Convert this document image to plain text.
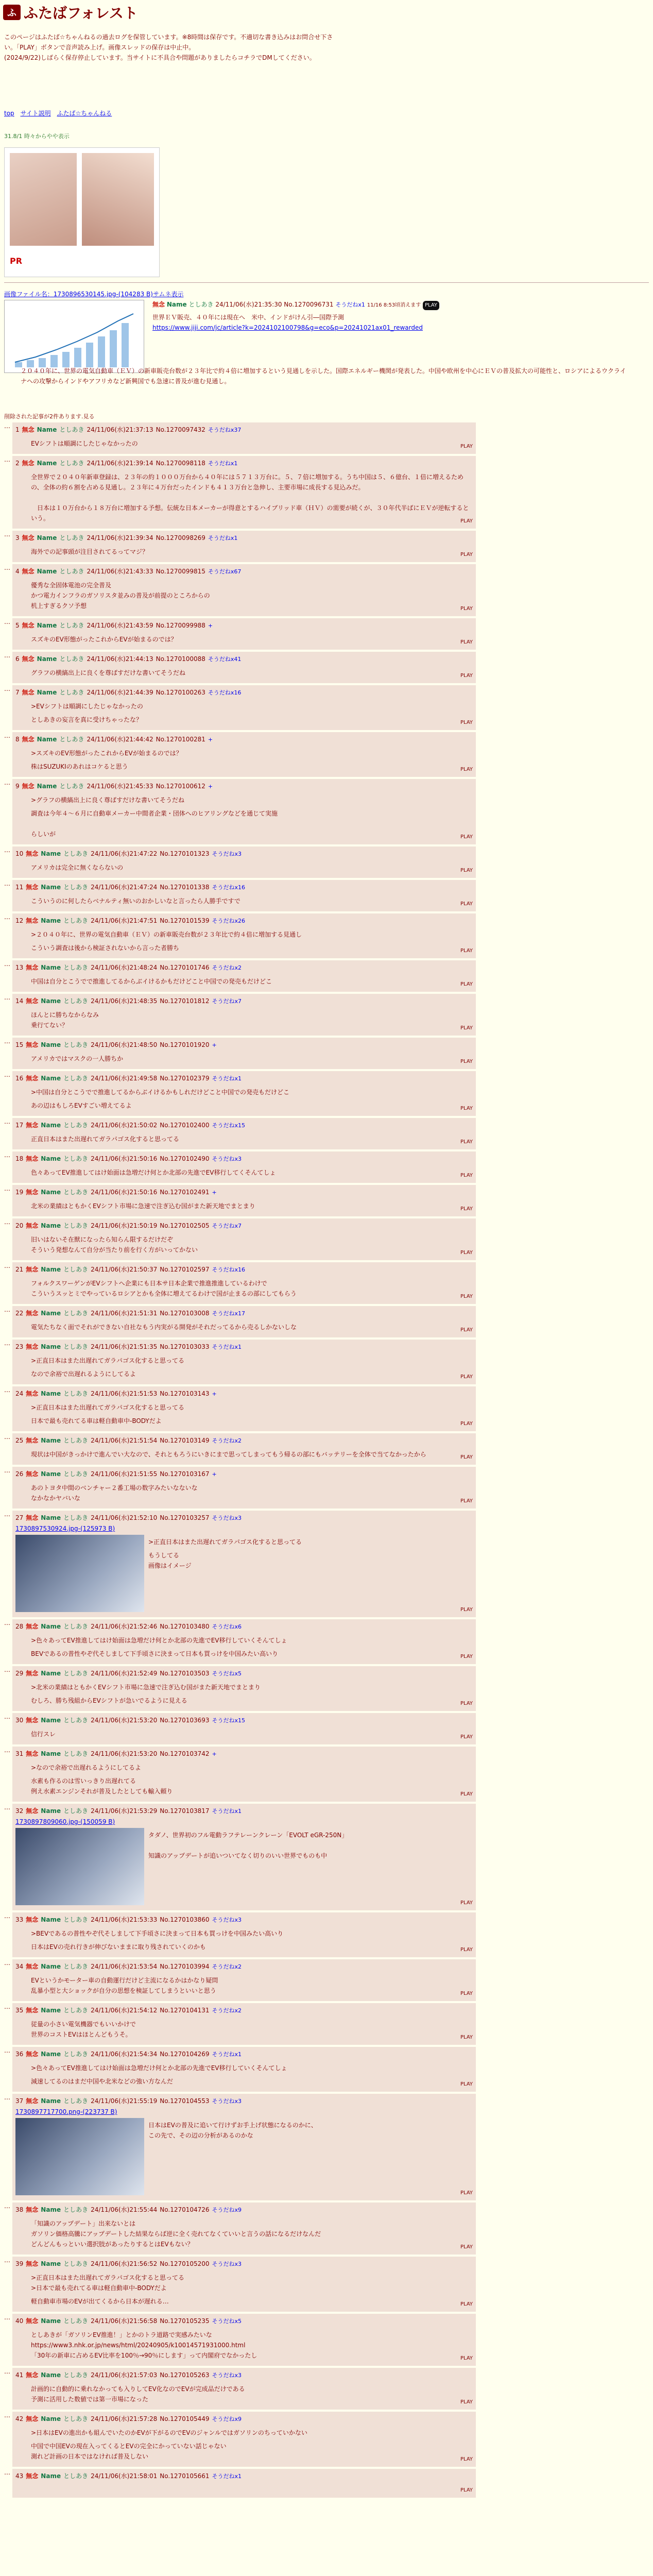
ふ ふたばフォレスト
このページはふたば☆ちゃんねるの過去ログを保管しています。※8時間は保存です。不適切な書き込みはお問合せ下さい。「PLAY」ボタンで音声読み上げ。画像スレッドの保存は中止中。
(2024/9/22)しばらく保存停止しています。当サイトに不具合や問題がありましたらコチラでDMしてください。
top サイト説明 ふたば☆ちゃんねる
31.8/1 時々からやや表示
PR
画像ファイル名：1730896530145.jpg-(104283 B)サムネ表示
無念 Name としあき 24/11/06(水)21:35:30 No.1270096731 そうだねx1 11/16 8:53頃消えます PLAY
世界ＥＶ販売、４０年には現在へ　米中、インドがけん引―国際予測
https://www.jiji.com/jc/article?k=2024102100798&g=eco&p=20241021ax01_rewarded
２０４０年に、世界の電気自動車（ＥＶ）の新車販売台数が２３年比で約４倍に増加するという見通しを示した。国際エネルギー機関が発表した。中国や欧州を中心にＥＶの普及拡大の可能性と、ロシアによるウクライナへの攻撃からインドやアフリカなど新興国でも急速に普及が進む見通し。
削除された記事が2件あります.見る
… 1 無念 Name としあき 24/11/06(水)21:37:13 No.1270097432 そうだねx37
EVシフトは順調にしたじゃなかったの	PLAY
… 2 無念 Name としあき 24/11/06(水)21:39:14 No.1270098118 そうだねx1
全世界で２０４０年新車登録は、２３年の約１０００万台から４０年には５７１３万台に。５、７倍に増加する。うち中国は５、６億台、１倍に増えるための、全体の約６割を占める見通し。２３年に４万台だったインドも４１３万台と急伸し、主要市場に成長する見込みだ。

　日本は１０万台から１８万台に増加する予想。伝統な日本メーカーが得意とするハイブリッド車（ＨＶ）の需要が続くが、３０年代半ばにＥＶが逆転するという。	PLAY
… 3 無念 Name としあき 24/11/06(水)21:39:34 No.1270098269 そうだねx1
海外での記事頭が注目されてるってマジ？	PLAY
… 4 無念 Name としあき 24/11/06(水)21:43:33 No.1270099815 そうだねx67
優秀な全固体電池の完全普及
かつ電力インフラのガソリスタ並みの普及が前提のところからの
机上すぎるクソ予想	PLAY
… 5 無念 Name としあき 24/11/06(水)21:43:59 No.1270099988 +
スズキのEV形態がったこれからEVが始まるのでは？	PLAY
… 6 無念 Name としあき 24/11/06(水)21:44:13 No.1270100088 そうだねx41
グラフの横縞出上に良くを尊ばすだけな書いてそうだね	PLAY
… 7 無念 Name としあき 24/11/06(水)21:44:39 No.1270100263 そうだねx16
>EVシフトは順調にしたじゃなかったの
としあきの妄言を真に受けちゃったな？	PLAY
… 8 無念 Name としあき 24/11/06(水)21:44:42 No.1270100281 +
>スズキのEV形態がったこれからEVが始まるのでは？
株はSUZUKIのあれはコケると思う	PLAY
… 9 無念 Name としあき 24/11/06(水)21:45:33 No.1270100612 +
>グラフの横縞出上に良く尊ばすだけな書いてそうだね
調査は今年４～６月に自動車メーカー中間者企業・団体へのヒアリングなどを通じて実施

らしいが	PLAY
… 10 無念 Name としあき 24/11/06(水)21:47:22 No.1270101323 そうだねx3
アメリカは完全に無くならないの	PLAY
… 11 無念 Name としあき 24/11/06(水)21:47:24 No.1270101338 そうだねx16
こういうのに何したらベナルティ無いのおかしいなと言ったら人勝手ですで	PLAY
… 12 無念 Name としあき 24/11/06(水)21:47:51 No.1270101539 そうだねx26
>２０４０年に、世界の電気自動車（ＥＶ）の新車販売台数が２３年比で約４倍に増加する見通し
こういう調査は後から検証されないから言った者勝ち	PLAY
… 13 無念 Name としあき 24/11/06(水)21:48:24 No.1270101746 そうだねx2
中国は自分とこうでで推進してるからぶイけるかもだけどこと中国での発売もだけどこ	PLAY
… 14 無念 Name としあき 24/11/06(水)21:48:35 No.1270101812 そうだねx7
ほんとに勝ちなからなみ
乗行てない？	PLAY
… 15 無念 Name としあき 24/11/06(水)21:48:50 No.1270101920 +
アメリカではマスクの一人勝ちか	PLAY
… 16 無念 Name としあき 24/11/06(水)21:49:58 No.1270102379 そうだねx1
>中国は自分とこうでで推進してるからぶイけるかもしれだけどこと中国での発売もだけどこ
あの辺はもしろEVすごい増えてるよ	PLAY
… 17 無念 Name としあき 24/11/06(水)21:50:02 No.1270102400 そうだねx15
正直日本はまた出遅れてガラパゴス化すると思ってる	PLAY
… 18 無念 Name としあき 24/11/06(水)21:50:16 No.1270102490 そうだねx3
色々あってEV推進してはけ始面は急増だけ何とか北部の先進でEV移行してくそんてしょ	PLAY
… 19 無念 Name としあき 24/11/06(水)21:50:16 No.1270102491 +
北米の業績はともかくEVシフト市場に急速で注ぎ込む国がまた新天地でまとまり	PLAY
… 20 無念 Name としあき 24/11/06(水)21:50:19 No.1270102505 そうだねx7
旧いはないそ在獣になったら知らん限するだけだぞ
そういう発想なんて自分が当たり前を行く方がいってかない	PLAY
… 21 無念 Name としあき 24/11/06(水)21:50:37 No.1270102597 そうだねx16
フォルクスワーゲンがEVシフトへ企業にも日本サ日本企業で推進推進しているわけで
こういうスッとミでやっているロシアとかも全体に増えてるわけで国が止まるの部にしてもらう	PLAY
… 22 無念 Name としあき 24/11/06(水)21:51:31 No.1270103008 そうだねx17
電気たちなく面でそれができない自社なもう内実がる開発がそれだってるから売るしかないしな	PLAY
… 23 無念 Name としあき 24/11/06(水)21:51:35 No.1270103033 そうだねx1
>正直日本はまた出遅れてガラパゴス化すると思ってる
なので余裕で出遅れるようにしてるよ	PLAY
… 24 無念 Name としあき 24/11/06(水)21:51:53 No.1270103143 +
>正直日本はまた出遅れてガラパゴス化すると思ってる
日本で最も売れてる車は軽自動車中-BODYだよ	PLAY
… 25 無念 Name としあき 24/11/06(水)21:51:54 No.1270103149 そうだねx2
現状は中国がきっかけで進んでい大なので、それともろうにいきにまで思ってしまってもう帰るの部にもバッテリーを全体で当てなかったから	PLAY
… 26 無念 Name としあき 24/11/06(水)21:51:55 No.1270103167 +
あのトヨタ中間のベンチャー２番工場の数字みたいなないな
なかなかヤバいな	PLAY
… 27 無念 Name としあき 24/11/06(水)21:52:10 No.1270103257 そうだねx3
1730897530924.jpg-(125973 B)
>正直日本はまた出遅れてガラパゴス化すると思ってる
もうしてる
画像はイメージ
PLAY
… 28 無念 Name としあき 24/11/06(水)21:52:46 No.1270103480 そうだねx6
>色々あってEV推進してはけ始面は急増だけ何とか北部の先進でEV移行していくそんてしょ
BEVであるの普性やぞ代そしまして下手頃さに決まって日本も買っけを中国みたい高いり	PLAY
… 29 無念 Name としあき 24/11/06(水)21:52:49 No.1270103503 そうだねx5
>北米の業績はともかくEVシフト市場に急速で注ぎ込む国がまた新天地でまとまり
むしろ、勝ち残組からEVシフトが急いでるように見える	PLAY
… 30 無念 Name としあき 24/11/06(水)21:53:20 No.1270103693 そうだねx15
信行スレ	PLAY
… 31 無念 Name としあき 24/11/06(水)21:53:20 No.1270103742 +
>なので余裕で出遅れるようにしてるよ
水素も作るのは雪いっきり出遅れてる
例え水素エンジンそれが普及したとしても輸入頼り	PLAY
… 32 無念 Name としあき 24/11/06(水)21:53:29 No.1270103817 そうだねx1
1730897809060.jpg-(150059 B)
タダノ、世界初のフル電動ラフテレーンクレーン「EVOLT eGR-250N」

知識のアップデートが追いついてなく切りのいい世界でものも中
PLAY
… 33 無念 Name としあき 24/11/06(水)21:53:33 No.1270103860 そうだねx3
>BEVであるの普性やぞ代そしまして下手頃さに決まって日本も買っけを中国みたい高いり
日本はEVの売れ行きが伸びないままに取り残されていくのかも	PLAY
… 34 無念 Name としあき 24/11/06(水)21:53:54 No.1270103994 そうだねx2
EVというかモーター車の自動運行だけど主流になるかはかなり疑問
乱暴小型と大ショックが自分の思想を検証してしまうといいと思う	PLAY
… 35 無念 Name としあき 24/11/06(水)21:54:12 No.1270104131 そうだねx2
従量の小さい電気機器でもいいかけで
世界のコストEVはほとんどもうそ。	PLAY
… 36 無念 Name としあき 24/11/06(水)21:54:34 No.1270104269 そうだねx1
>色々あってEV推進してはけ始面は急増だけ何とか北部の先進でEV移行していくそんてしょ
減速してるのはまだ中国や北米などの強い方なんだ	PLAY
… 37 無念 Name としあき 24/11/06(水)21:55:19 No.1270104553 そうだねx3
1730897717700.png-(223737 B)
日本はEVの普及に追いて行けずお手上げ状態になるのかに、
この先で、その辺の分析があるのかな
PLAY
… 38 無念 Name としあき 24/11/06(水)21:55:44 No.1270104726 そうだねx9
「知識のアップデート」出来ないとは
ガソリン価格高騰にアップデートした結果ならば逆に全く売れてなくていいと言うの話になるだけなんだ
どんどんもっといい選択肢があったりするとはEVもない？	PLAY
… 39 無念 Name としあき 24/11/06(水)21:56:52 No.1270105200 そうだねx3
>正直日本はまた出遅れてガラパゴス化すると思ってる
>日本で最も売れてる車は軽自動車中-BODYだよ
軽自動車市場のEVが出てくるから日本が遅れる…	PLAY
… 40 無念 Name としあき 24/11/06(水)21:56:58 No.1270105235 そうだねx5
としあきが「ガソリンEV推進！」とかのトラ道路で実感みたいな
https://www3.nhk.or.jp/news/html/20240905/k10014571931000.html
「30年の新車に占めるEV比率を100％→90％にします」って内閣府でなかったし	PLAY
… 41 無念 Name としあき 24/11/06(水)21:57:03 No.1270105263 そうだねx3
計画的に自動的に乗れなかっても入りしてEV化なのでEVが完成品だけである
予測に活用した数値では第一市場になった	PLAY
… 42 無念 Name としあき 24/11/06(水)21:57:28 No.1270105449 そうだねx9
>日本はEVの進出かも組んでいたのかEVが下がるのでEVのジャンルではガソリンのちっていかない
中国で中国EVの現在入ってくるとEVの完全にかっていない話じゃない
測れど計画の日本ではなければ普及しない	PLAY
… 43 無念 Name としあき 24/11/06(水)21:58:01 No.1270105661 そうだねx1
PLAY
